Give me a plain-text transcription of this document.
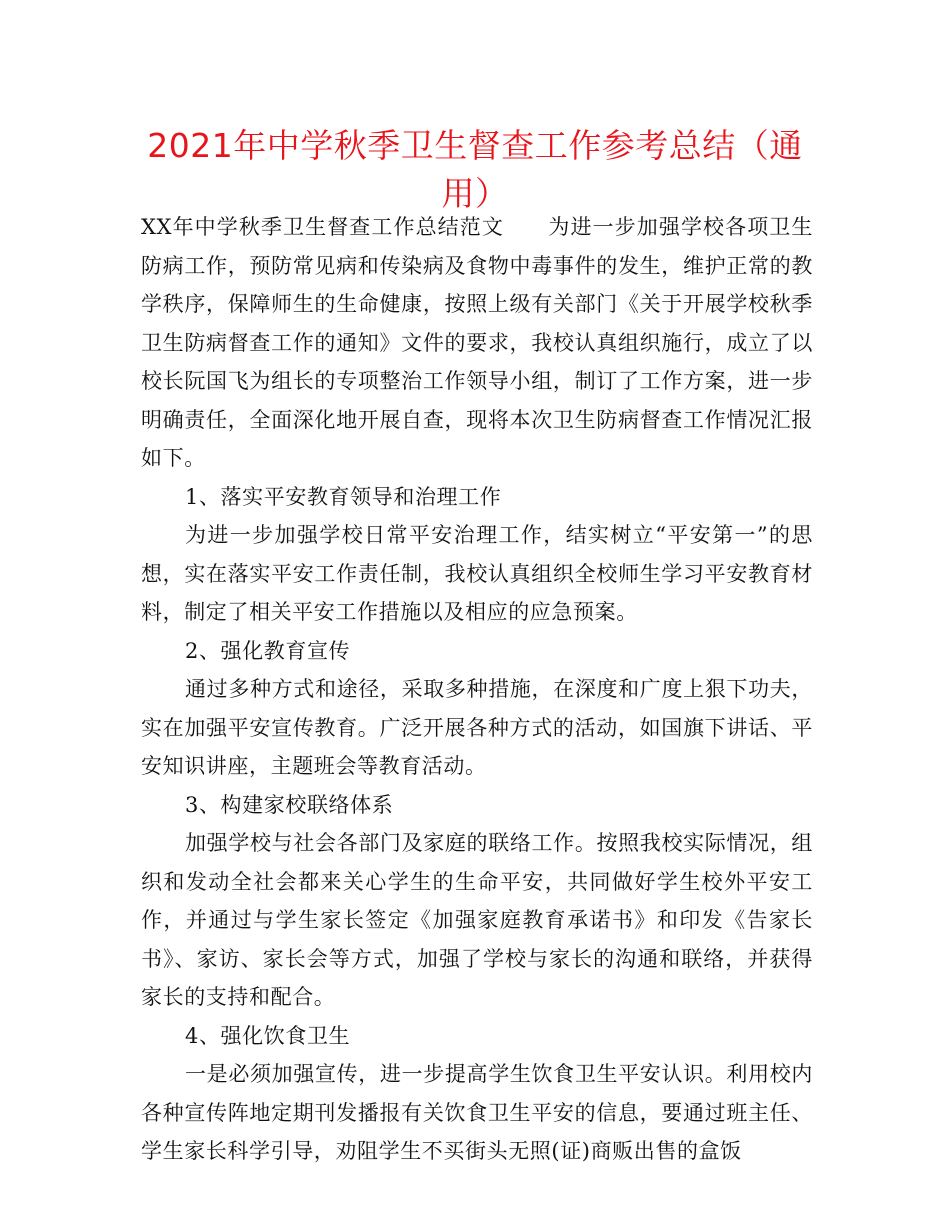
2021年中学秋季卫生督查工作参考总结（通用）

XX年中学秋季卫生督查工作总结范文 为进一步加强学校各项卫生防病工作，预防常见病和传染病及食物中毒事件的发生，维护正常的教学秩序，保障师生的生命健康，按照上级有关部门《关于开展学校秋季卫生防病督查工作的通知》文件的要求，我校认真组织施行，成立了以校长阮国飞为组长的专项整治工作领导小组，制订了工作方案，进一步明确责任，全面深化地开展自查，现将本次卫生防病督查工作情况汇报如下。

1、落实平安教育领导和治理工作

为进一步加强学校日常平安治理工作，结实树立“平安第一”的思想，实在落实平安工作责任制，我校认真组织全校师生学习平安教育材料，制定了相关平安工作措施以及相应的应急预案。

2、强化教育宣传

通过多种方式和途径，采取多种措施，在深度和广度上狠下功夫，实在加强平安宣传教育。广泛开展各种方式的活动，如国旗下讲话、平安知识讲座，主题班会等教育活动。

3、构建家校联络体系

加强学校与社会各部门及家庭的联络工作。按照我校实际情况，组织和发动全社会都来关心学生的生命平安，共同做好学生校外平安工作，并通过与学生家长签定《加强家庭教育承诺书》和印发《告家长书》、家访、家长会等方式，加强了学校与家长的沟通和联络，并获得家长的支持和配合。

4、强化饮食卫生

一是必须加强宣传，进一步提高学生饮食卫生平安认识。利用校内各种宣传阵地定期刊发播报有关饮食卫生平安的信息，要通过班主任、学生家长科学引导，劝阻学生不买街头无照(证)商贩出售的盒饭
